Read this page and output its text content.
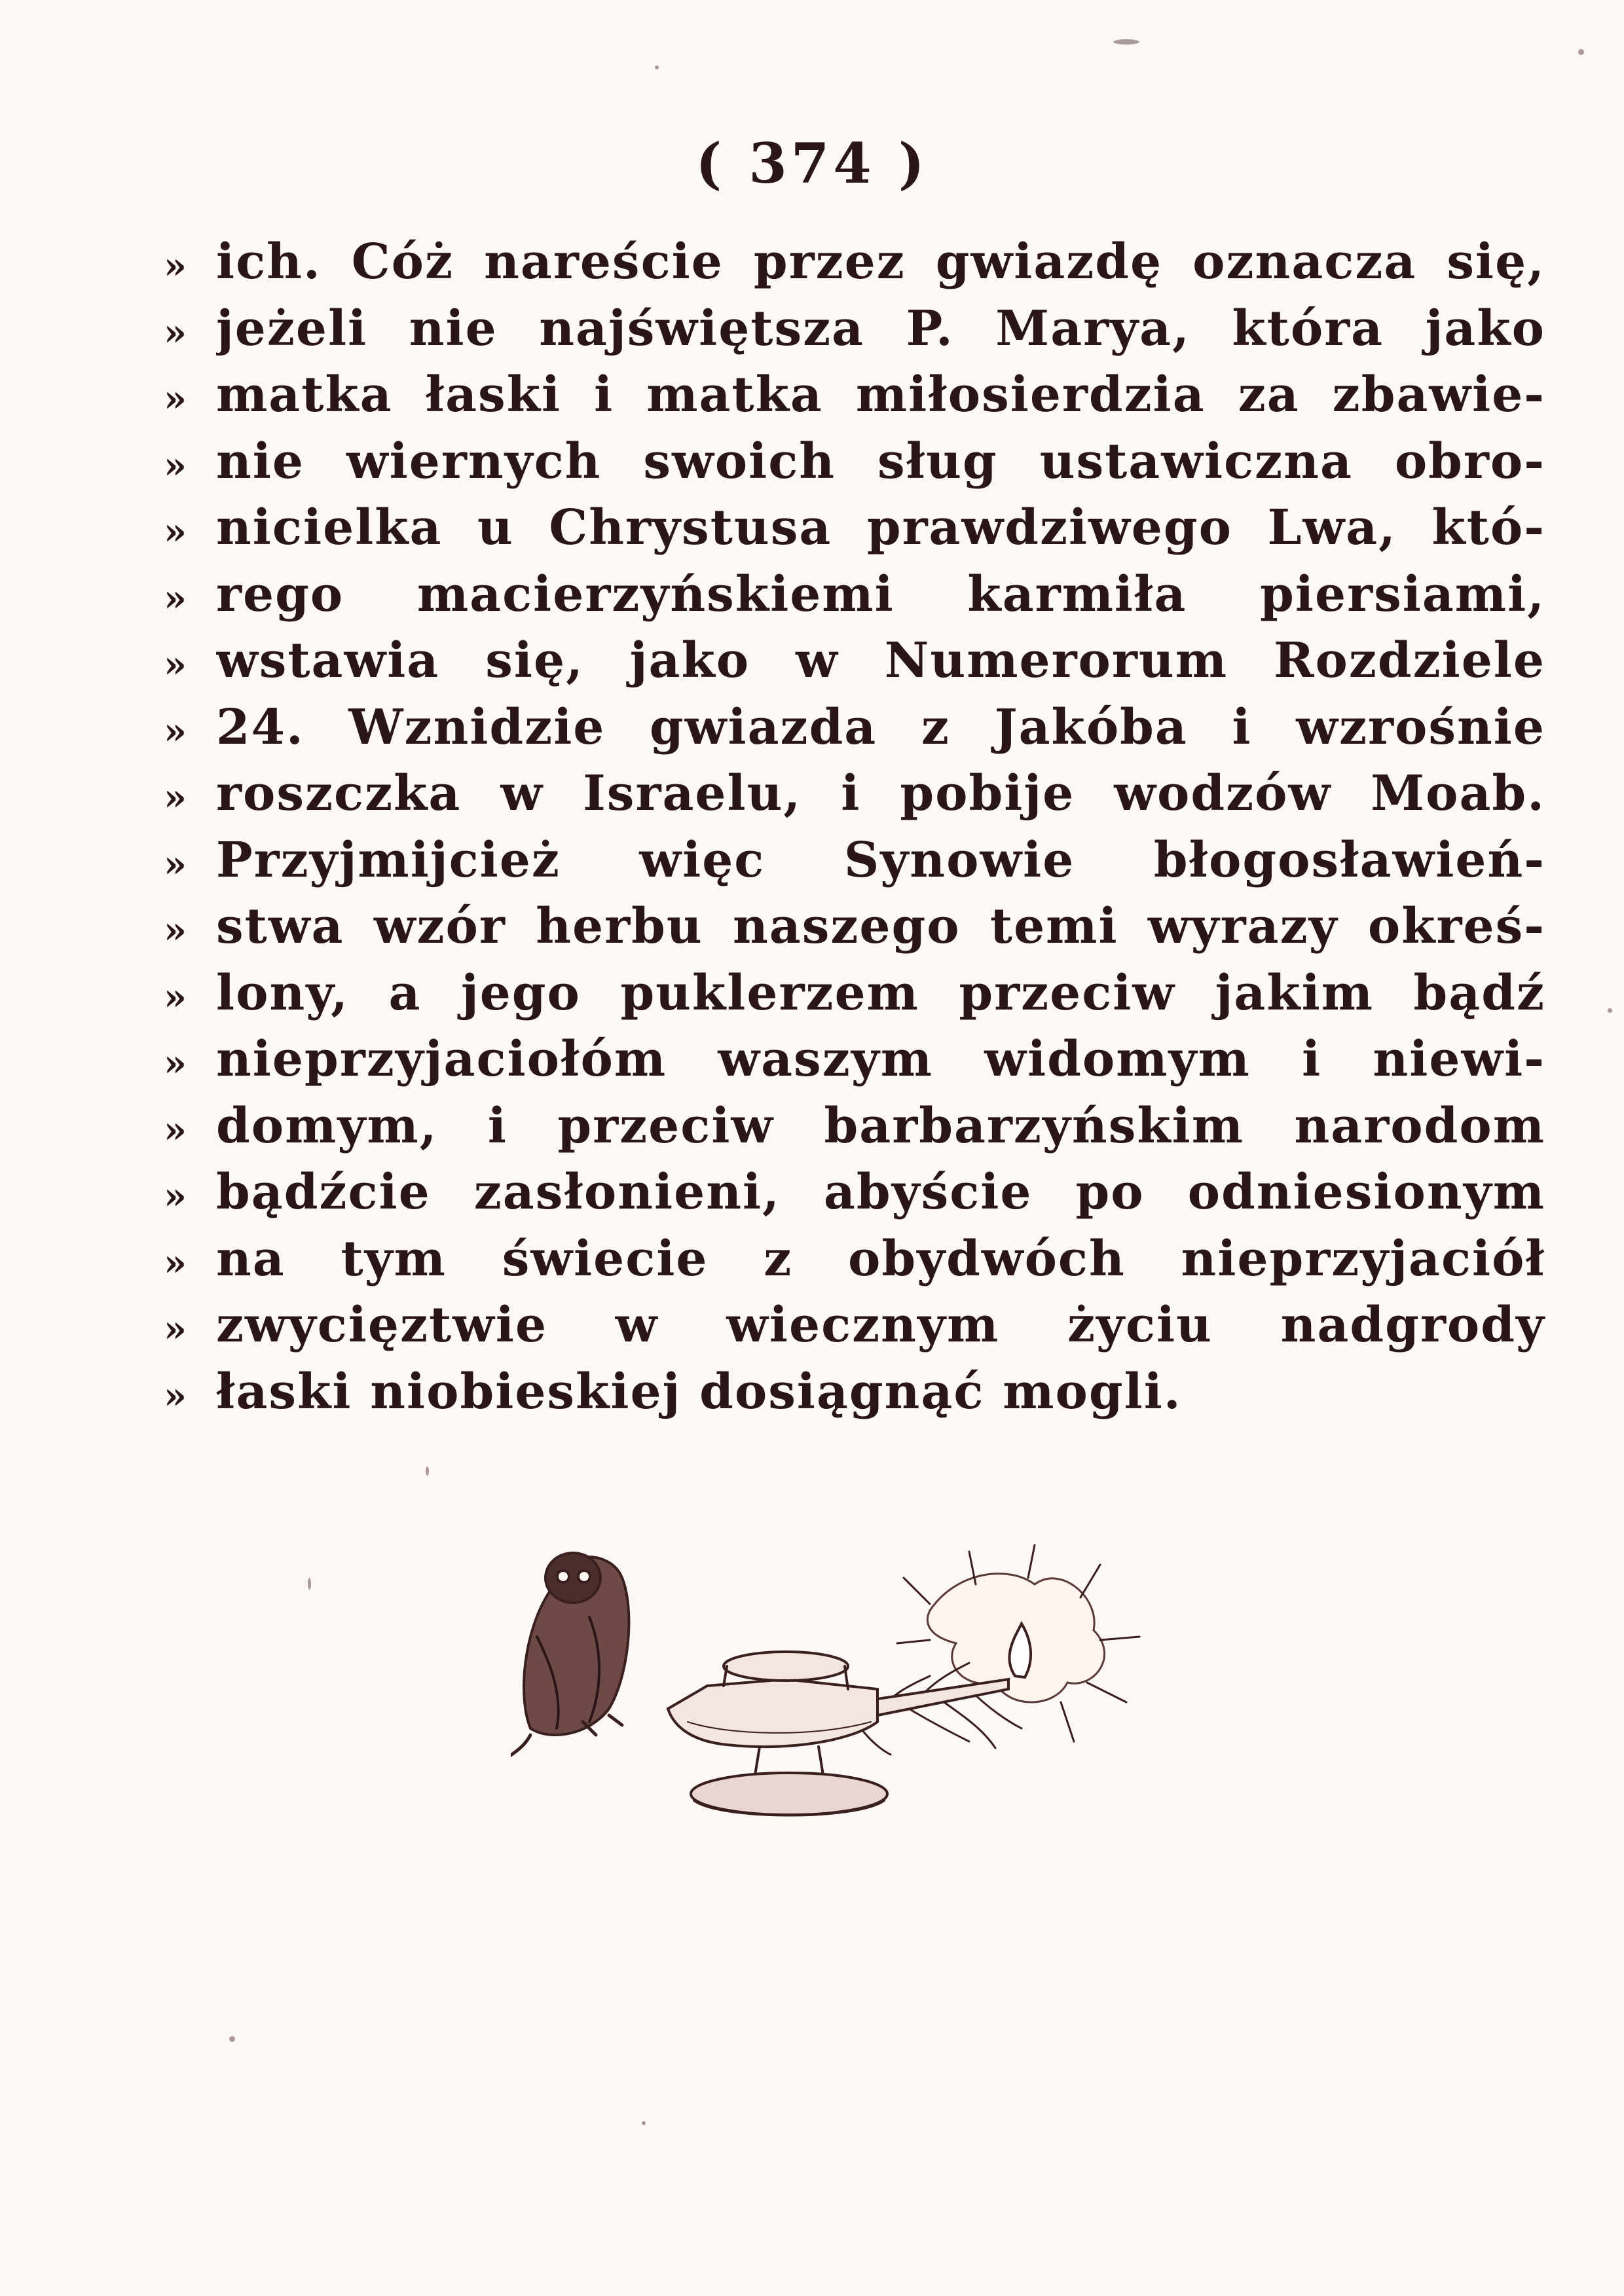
( 374 )
» ich. Cóż nareście przez gwiazdę oznacza się,
» jeżeli nie najświętsza P. Marya, która jako
» matka łaski i matka miłosierdzia za zbawie-
» nie wiernych swoich sług ustawiczna obro-
» nicielka u Chrystusa prawdziwego Lwa, któ-
» rego macierzyńskiemi karmiła piersiami,
» wstawia się, jako w Numerorum Rozdziele
» 24. Wznidzie gwiazda z Jakóba i wzrośnie
» roszczka w Israelu, i pobije wodzów Moab.
» Przyjmijcież więc Synowie błogosławień-
» stwa wzór herbu naszego temi wyrazy okreś-
» lony, a jego puklerzem przeciw jakim bądź
» nieprzyjaciołóm waszym widomym i niewi-
» domym, i przeciw barbarzyńskim narodom
» bądźcie zasłonieni, abyście po odniesionym
» na tym świecie z obydwóch nieprzyjaciół
» zwycięztwie w wiecznym życiu nadgrody
» łaski niobieskiej dosiągnąć mogli.
